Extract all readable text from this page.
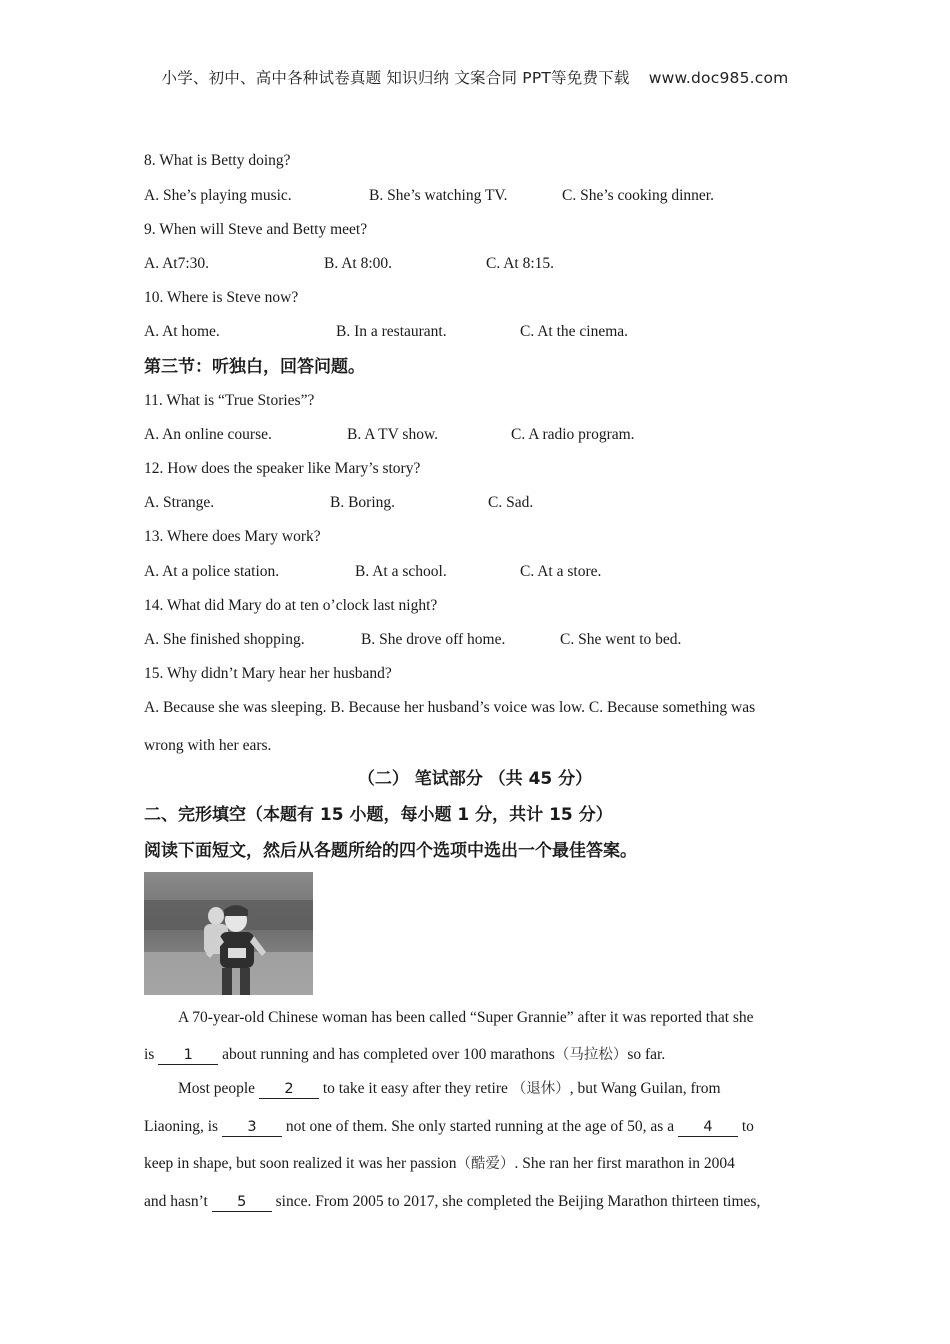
小学、初中、高中各种试卷真题 知识归纳 文案合同 PPT等免费下载 www.doc985.com
8. What is Betty doing?
A. She’s playing music.	B. She’s watching TV.	C. She’s cooking dinner.
9. When will Steve and Betty meet?
A. At7:30.	B. At 8:00.	C. At 8:15.
10. Where is Steve now?
A. At home.	B. In a restaurant.	C. At the cinema.
第三节：听独白，回答问题。
11. What is “True Stories”?
A. An online course.	B. A TV show.	C. A radio program.
12. How does the speaker like Mary’s story?
A. Strange.	B. Boring.	C. Sad.
13. Where does Mary work?
A. At a police station.	B. At a school.	C. At a store.
14. What did Mary do at ten o’clock last night?
A. She finished shopping.	B. She drove off home.	C. She went to bed.
15. Why didn’t Mary hear her husband?
A. Because she was sleeping. B. Because her husband’s voice was low. C. Because something was
wrong with her ears.
（二） 笔试部分 （共 45 分）
二、完形填空（本题有 15 小题，每小题 1 分，共计 15 分）
阅读下面短文，然后从各题所给的四个选项中选出一个最佳答案。
A 70-year-old Chinese woman has been called “Super Grannie” after it was reported that she
is 1 about running and has completed over 100 marathons（马拉松）so far.
Most people 2 to take it easy after they retire （退休）, but Wang Guilan, from
Liaoning, is 3 not one of them. She only started running at the age of 50, as a 4 to
keep in shape, but soon realized it was her passion（酷爱）. She ran her first marathon in 2004
and hasn’t 5 since. From 2005 to 2017, she completed the Beijing Marathon thirteen times,
